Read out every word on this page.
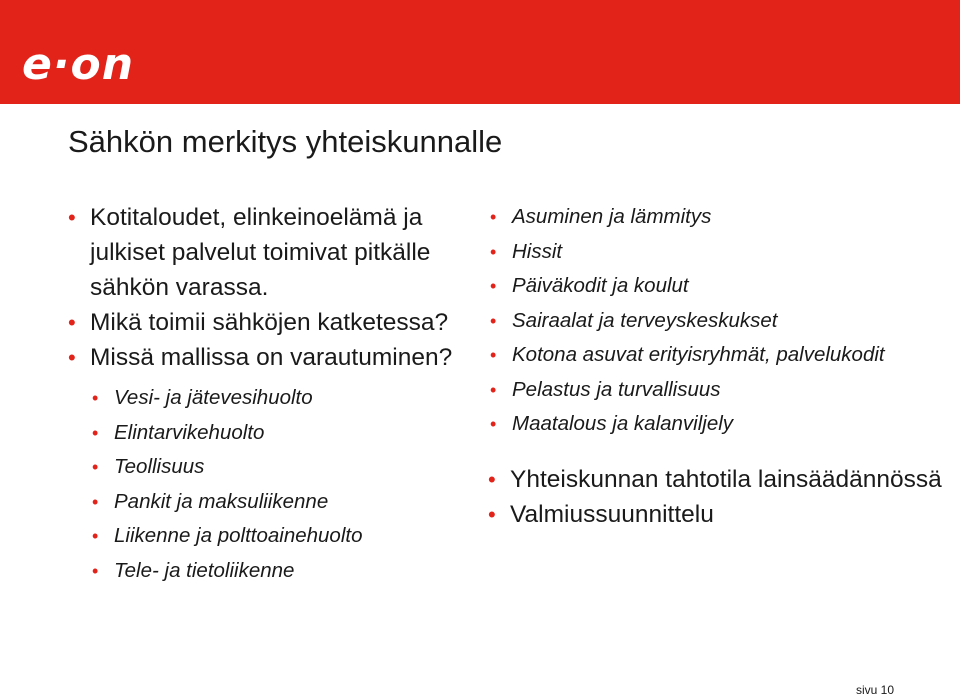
e·on
Sähkön merkitys yhteiskunnalle
• Kotitaloudet, elinkeinoelämä ja julkiset palvelut toimivat pitkälle sähkön varassa.
• Mikä toimii sähköjen katketessa?
• Missä mallissa on varautuminen?
• Vesi- ja jätevesihuolto
• Elintarvikehuolto
• Teollisuus
• Pankit ja maksuliikenne
• Liikenne ja polttoainehuolto
• Tele- ja tietoliikenne
• Asuminen ja lämmitys
• Hissit
• Päiväkodit ja koulut
• Sairaalat ja terveyskeskukset
• Kotona asuvat erityisryhmät, palvelukodit
• Pelastus ja turvallisuus
• Maatalous ja kalanviljely
• Yhteiskunnan tahtotila lainsäädännössä
• Valmiussuunnittelu
sivu 10
